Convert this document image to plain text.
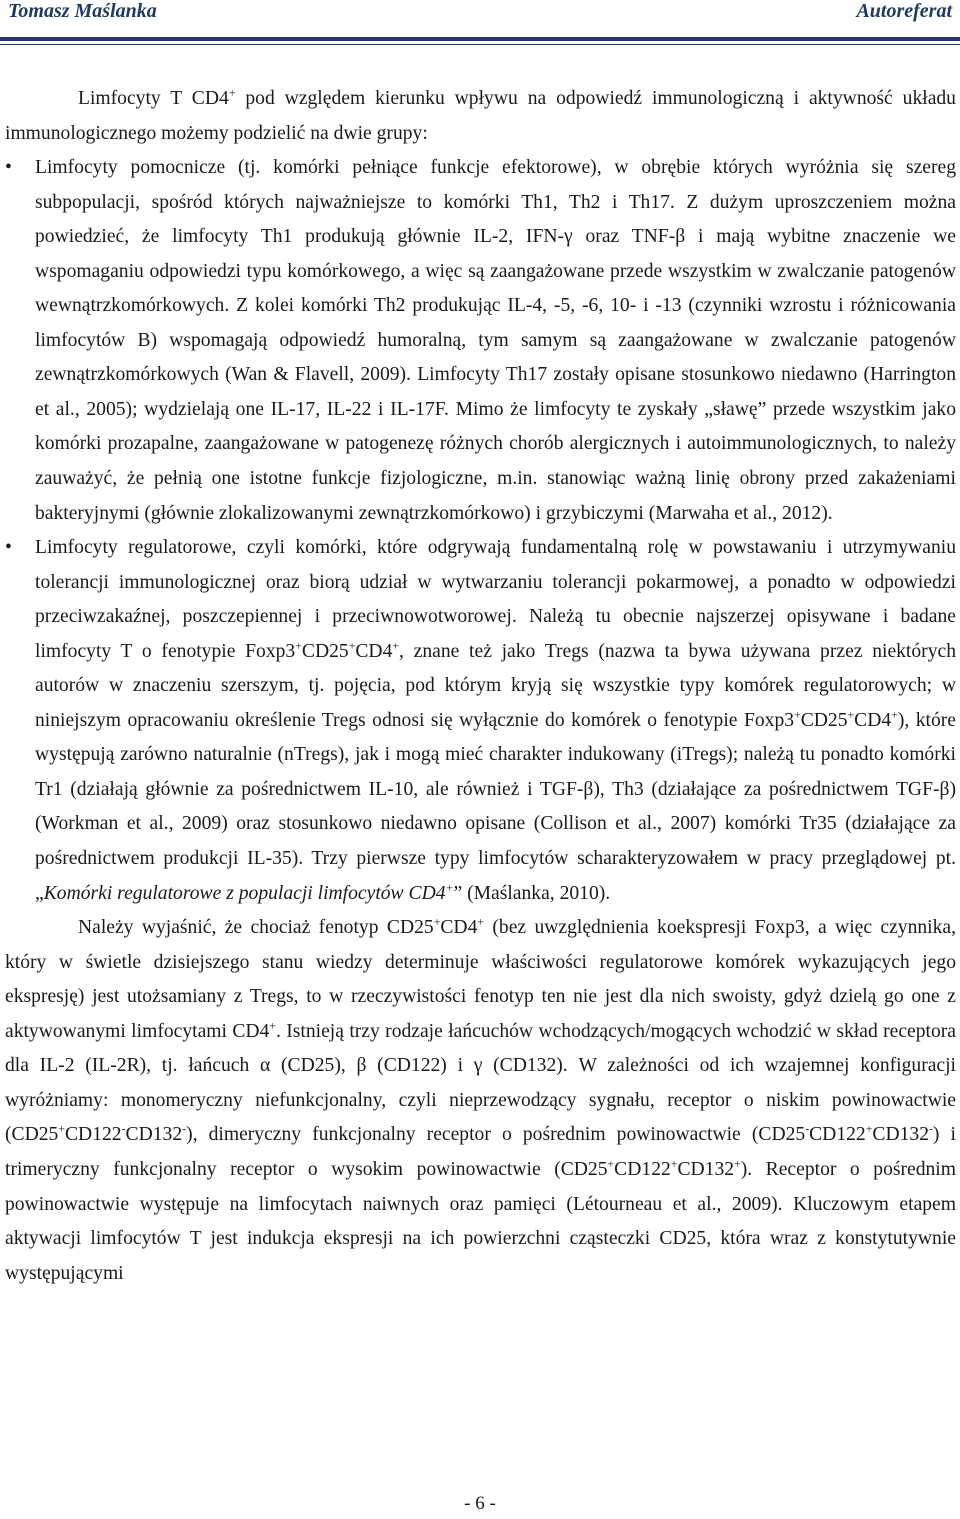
Tomasz Maślanka	Autoreferat

Limfocyty T CD4+ pod względem kierunku wpływu na odpowiedź immunologiczną i aktywność układu immunologicznego możemy podzielić na dwie grupy:

• Limfocyty pomocnicze (tj. komórki pełniące funkcje efektorowe), w obrębie których wyróżnia się szereg subpopulacji, spośród których najważniejsze to komórki Th1, Th2 i Th17. Z dużym uproszczeniem można powiedzieć, że limfocyty Th1 produkują głównie IL-2, IFN-γ oraz TNF-β i mają wybitne znaczenie we wspomaganiu odpowiedzi typu komórkowego, a więc są zaangażowane przede wszystkim w zwalczanie patogenów wewnątrzkomórkowych. Z kolei komórki Th2 produkując IL-4, -5, -6, 10- i -13 (czynniki wzrostu i różnicowania limfocytów B) wspomagają odpowiedź humoralną, tym samym są zaangażowane w zwalczanie patogenów zewnątrzkomórkowych (Wan & Flavell, 2009). Limfocyty Th17 zostały opisane stosunkowo niedawno (Harrington et al., 2005); wydzielają one IL-17, IL-22 i IL-17F. Mimo że limfocyty te zyskały „sławę” przede wszystkim jako komórki prozapalne, zaangażowane w patogenezę różnych chorób alergicznych i autoimmunologicznych, to należy zauważyć, że pełnią one istotne funkcje fizjologiczne, m.in. stanowiąc ważną linię obrony przed zakażeniami bakteryjnymi (głównie zlokalizowanymi zewnątrzkomórkowo) i grzybiczymi (Marwaha et al., 2012).
• Limfocyty regulatorowe, czyli komórki, które odgrywają fundamentalną rolę w powstawaniu i utrzymywaniu tolerancji immunologicznej oraz biorą udział w wytwarzaniu tolerancji pokarmowej, a ponadto w odpowiedzi przeciwzakaźnej, poszczepiennej i przeciwnowotworowej. Należą tu obecnie najszerzej opisywane i badane limfocyty T o fenotypie Foxp3+CD25+CD4+, znane też jako Tregs (nazwa ta bywa używana przez niektórych autorów w znaczeniu szerszym, tj. pojęcia, pod którym kryją się wszystkie typy komórek regulatorowych; w niniejszym opracowaniu określenie Tregs odnosi się wyłącznie do komórek o fenotypie Foxp3+CD25+CD4+), które występują zarówno naturalnie (nTregs), jak i mogą mieć charakter indukowany (iTregs); należą tu ponadto komórki Tr1 (działają głównie za pośrednictwem IL-10, ale również i TGF-β), Th3 (działające za pośrednictwem TGF-β) (Workman et al., 2009) oraz stosunkowo niedawno opisane (Collison et al., 2007) komórki Tr35 (działające za pośrednictwem produkcji IL-35). Trzy pierwsze typy limfocytów scharakteryzowałem w pracy przeglądowej pt. „Komórki regulatorowe z populacji limfocytów CD4+” (Maślanka, 2010).

Należy wyjaśnić, że chociaż fenotyp CD25+CD4+ (bez uwzględnienia koekspresji Foxp3, a więc czynnika, który w świetle dzisiejszego stanu wiedzy determinuje właściwości regulatorowe komórek wykazujących jego ekspresję) jest utożsamiany z Tregs, to w rzeczywistości fenotyp ten nie jest dla nich swoisty, gdyż dzielą go one z aktywowanymi limfocytami CD4+. Istnieją trzy rodzaje łańcuchów wchodzących/mogących wchodzić w skład receptora dla IL-2 (IL-2R), tj. łańcuch α (CD25), β (CD122) i γ (CD132). W zależności od ich wzajemnej konfiguracji wyróżniamy: monomeryczny niefunkcjonalny, czyli nieprzewodzący sygnału, receptor o niskim powinowactwie (CD25+CD122-CD132-), dimeryczny funkcjonalny receptor o pośrednim powinowactwie (CD25-CD122+CD132-) i trimeryczny funkcjonalny receptor o wysokim powinowactwie (CD25+CD122+CD132+). Receptor o pośrednim powinowactwie występuje na limfocytach naiwnych oraz pamięci (Létourneau et al., 2009). Kluczowym etapem aktywacji limfocytów T jest indukcja ekspresji na ich powierzchni cząsteczki CD25, która wraz z konstytutywnie występującymi

- 6 -
